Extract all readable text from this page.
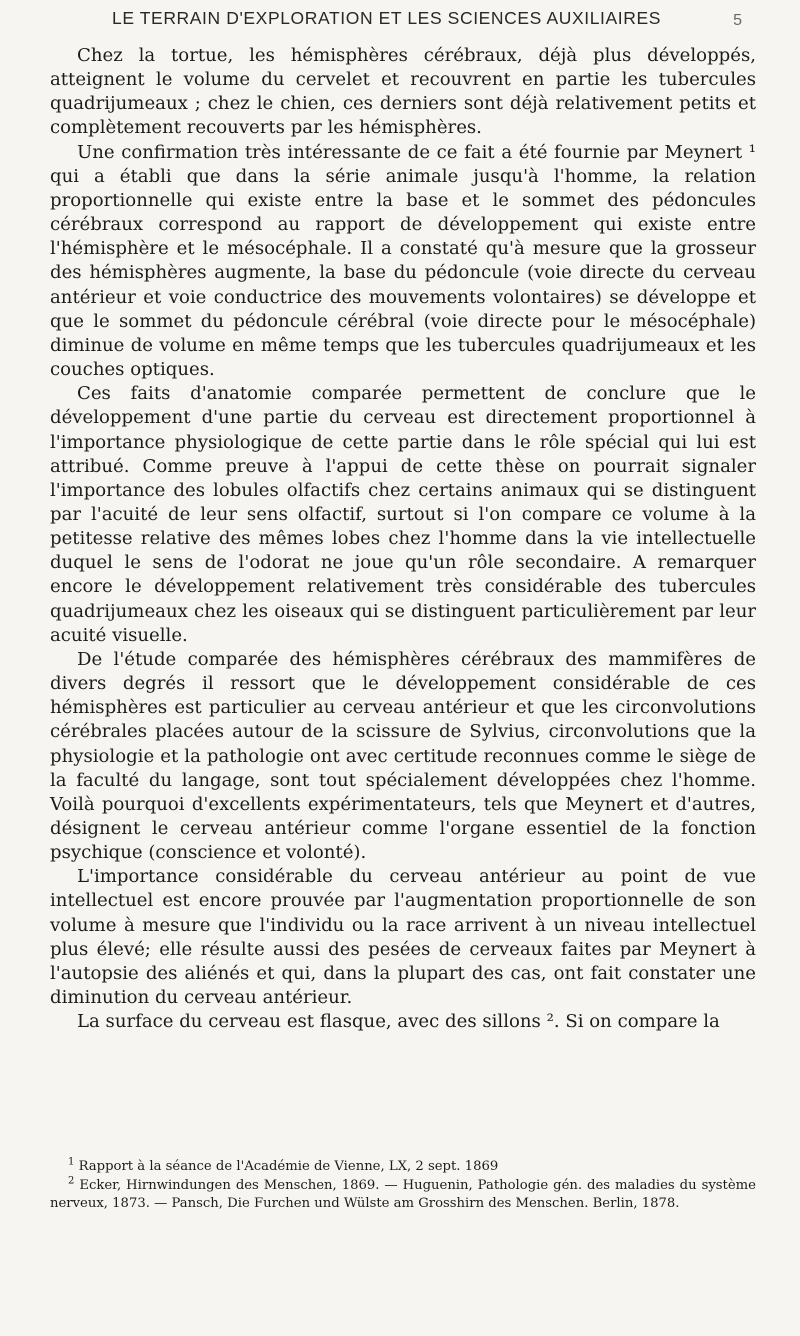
LE TERRAIN D'EXPLORATION ET LES SCIENCES AUXILIAIRES	5

Chez la tortue, les hémisphères cérébraux, déjà plus développés, atteignent le volume du cervelet et recouvrent en partie les tubercules quadrijumeaux ; chez le chien, ces derniers sont déjà relativement petits et complètement recouverts par les hémisphères.

Une confirmation très intéressante de ce fait a été fournie par Meynert ¹ qui a établi que dans la série animale jusqu'à l'homme, la relation proportionnelle qui existe entre la base et le sommet des pédoncules cérébraux correspond au rapport de développement qui existe entre l'hémisphère et le mésocéphale. Il a constaté qu'à mesure que la grosseur des hémisphères augmente, la base du pédoncule (voie directe du cerveau antérieur et voie conductrice des mouvements volontaires) se développe et que le sommet du pédoncule cérébral (voie directe pour le mésocéphale) diminue de volume en même temps que les tubercules quadrijumeaux et les couches optiques.

Ces faits d'anatomie comparée permettent de conclure que le développement d'une partie du cerveau est directement proportionnel à l'importance physiologique de cette partie dans le rôle spécial qui lui est attribué. Comme preuve à l'appui de cette thèse on pourrait signaler l'importance des lobules olfactifs chez certains animaux qui se distinguent par l'acuité de leur sens olfactif, surtout si l'on compare ce volume à la petitesse relative des mêmes lobes chez l'homme dans la vie intellectuelle duquel le sens de l'odorat ne joue qu'un rôle secondaire. A remarquer encore le développement relativement très considérable des tubercules quadrijumeaux chez les oiseaux qui se distinguent particulièrement par leur acuité visuelle.

De l'étude comparée des hémisphères cérébraux des mammifères de divers degrés il ressort que le développement considérable de ces hémisphères est particulier au cerveau antérieur et que les circonvolutions cérébrales placées autour de la scissure de Sylvius, circonvolutions que la physiologie et la pathologie ont avec certitude reconnues comme le siège de la faculté du langage, sont tout spécialement développées chez l'homme. Voilà pourquoi d'excellents expérimentateurs, tels que Meynert et d'autres, désignent le cerveau antérieur comme l'organe essentiel de la fonction psychique (conscience et volonté).

L'importance considérable du cerveau antérieur au point de vue intellectuel est encore prouvée par l'augmentation proportionnelle de son volume à mesure que l'individu ou la race arrivent à un niveau intellectuel plus élevé; elle résulte aussi des pesées de cerveaux faites par Meynert à l'autopsie des aliénés et qui, dans la plupart des cas, ont fait constater une diminution du cerveau antérieur.

La surface du cerveau est flasque, avec des sillons ². Si on compare la

$^1$ Rapport à la séance de l'Académie de Vienne, LX, 2 sept. 1869

$^2$ Ecker, Hirnwindungen des Menschen, 1869. — Huguenin, Pathologie gén. des maladies du système nerveux, 1873. — Pansch, Die Furchen und Wülste am Grosshirn des Menschen. Berlin, 1878.
